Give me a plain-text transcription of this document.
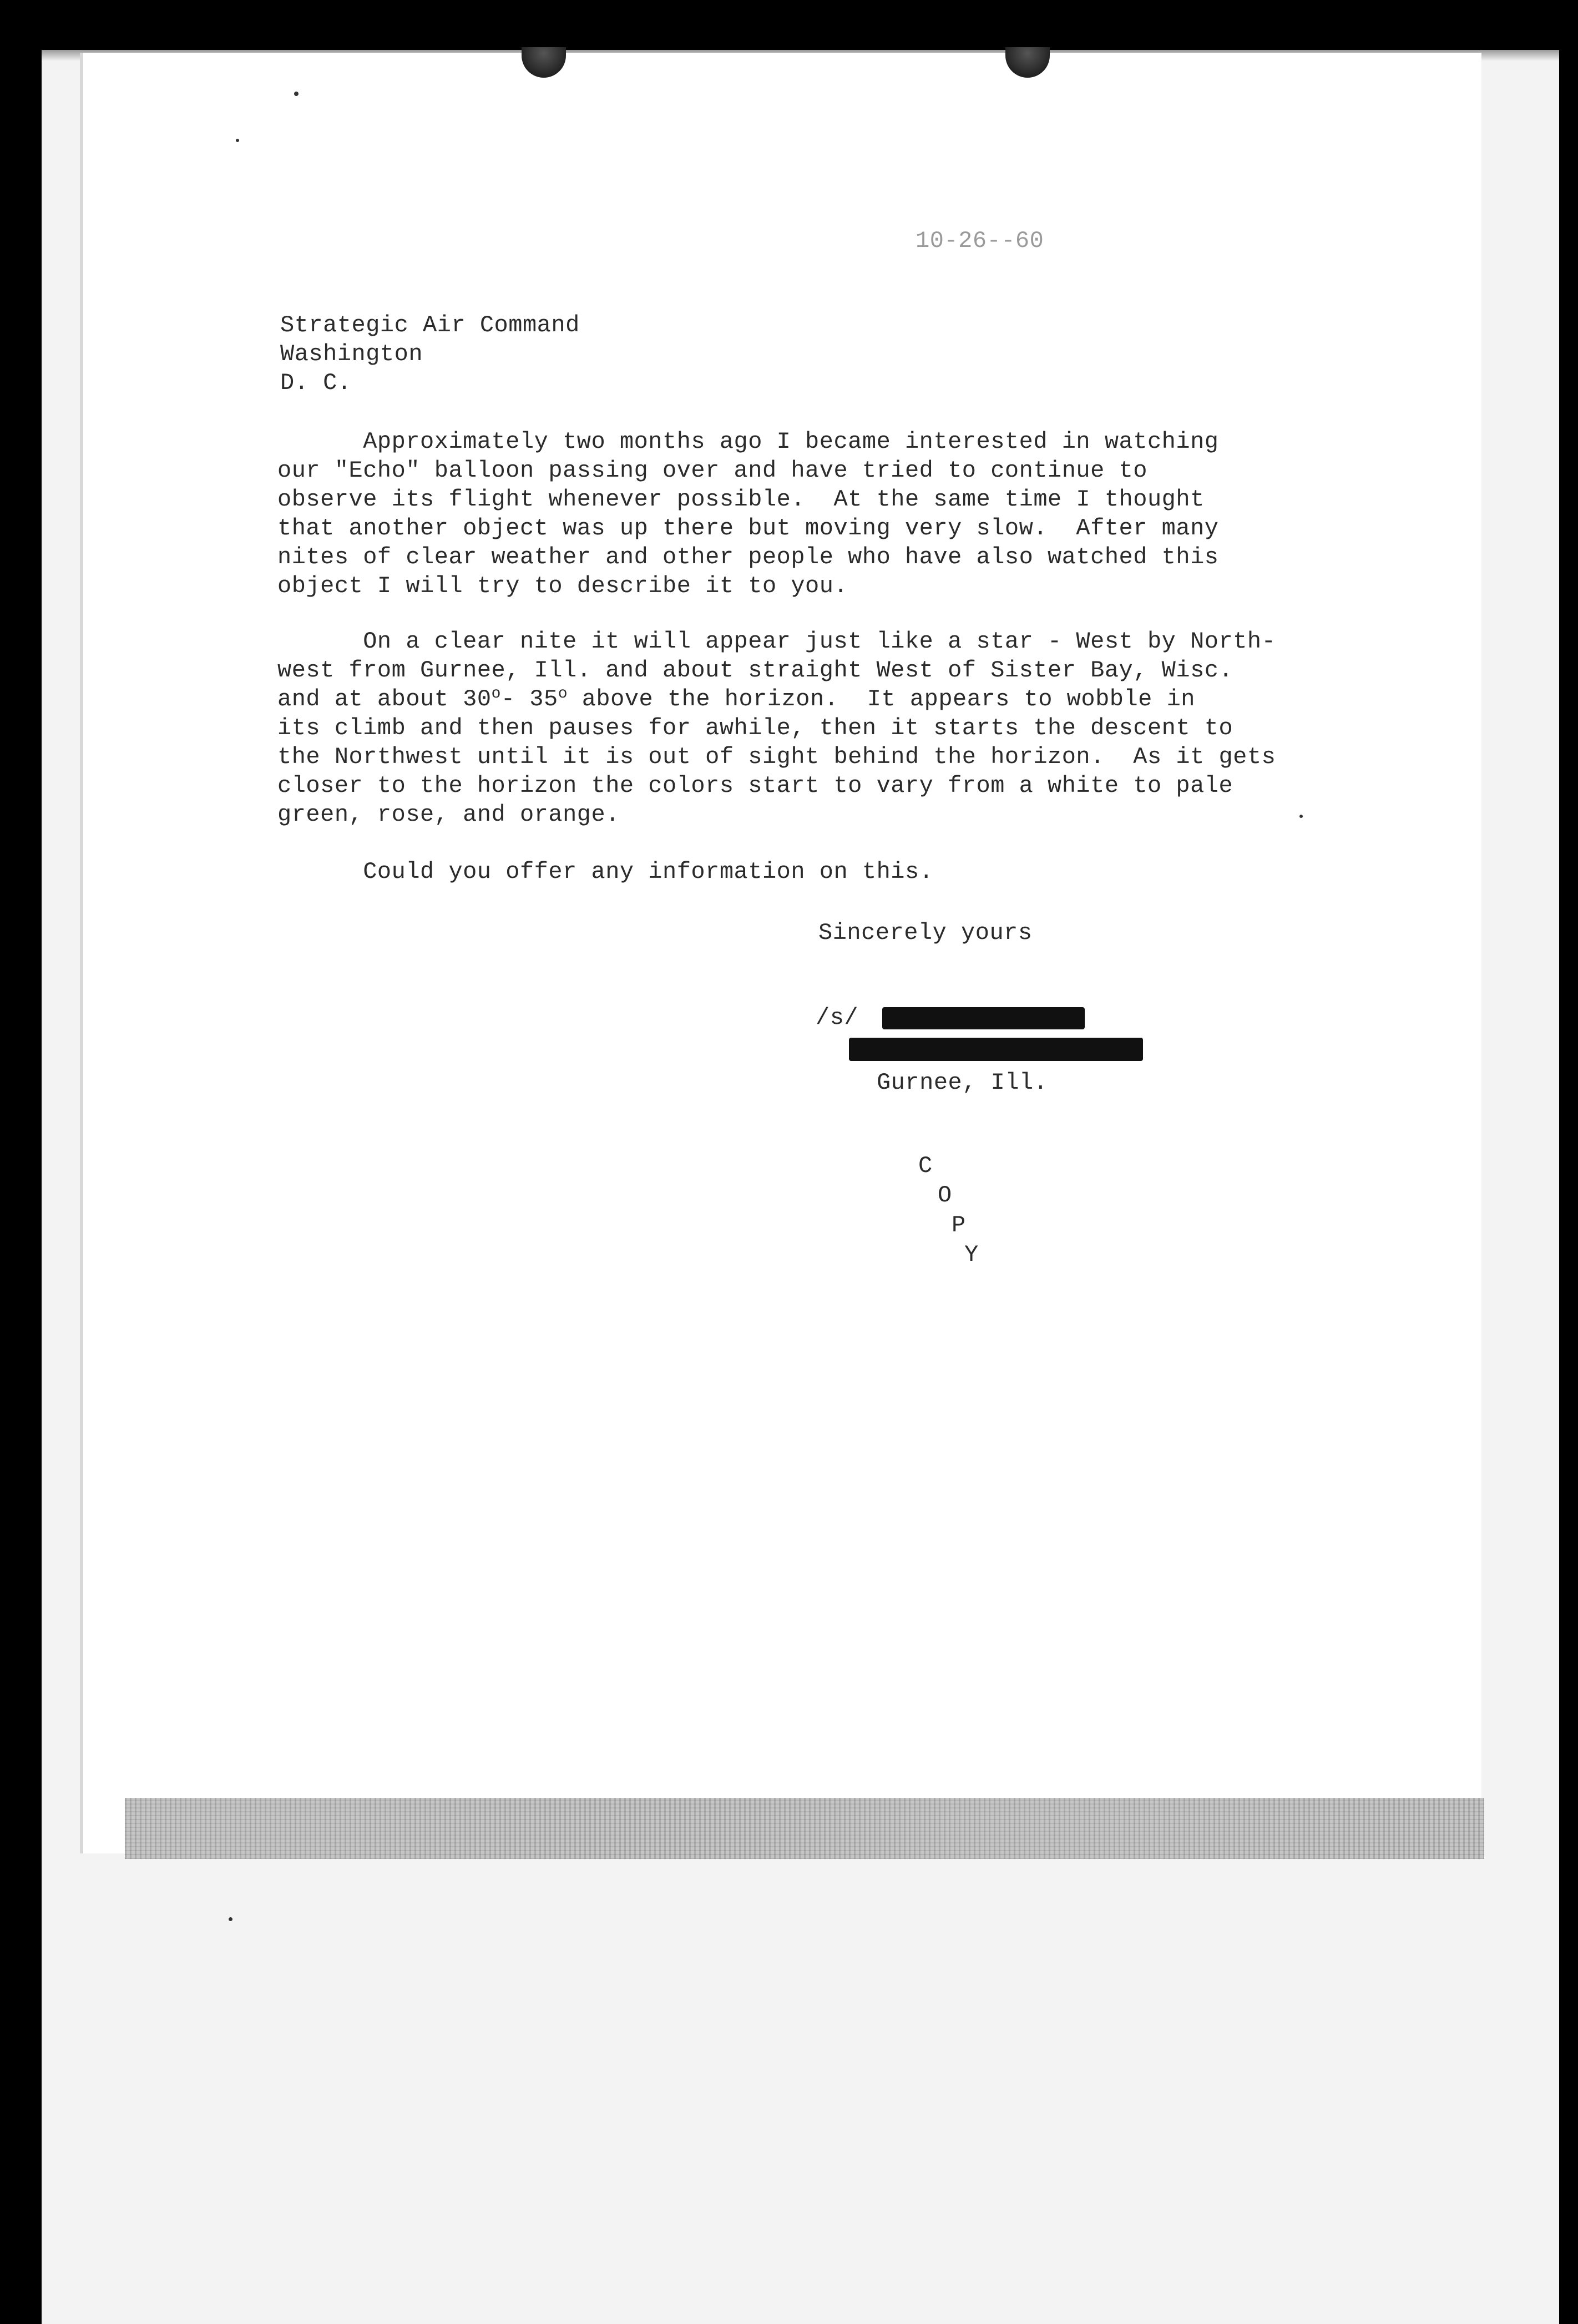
10-26--60
Strategic Air Command
Washington
D. C.
Approximately two months ago I became interested in watching
our "Echo" balloon passing over and have tried to continue to
observe its flight whenever possible.  At the same time I thought
that another object was up there but moving very slow.  After many
nites of clear weather and other people who have also watched this
object I will try to describe it to you.
On a clear nite it will appear just like a star - West by North-
west from Gurnee, Ill. and about straight West of Sister Bay, Wisc.
and at about 30$^o$- 35$^o$ above the horizon.  It appears to wobble in
its climb and then pauses for awhile, then it starts the descent to
the Northwest until it is out of sight behind the horizon.  As it gets
closer to the horizon the colors start to vary from a white to pale
green, rose, and orange.
Could you offer any information on this.
Sincerely yours
/s/
Gurnee, Ill.
C
O
P
Y
